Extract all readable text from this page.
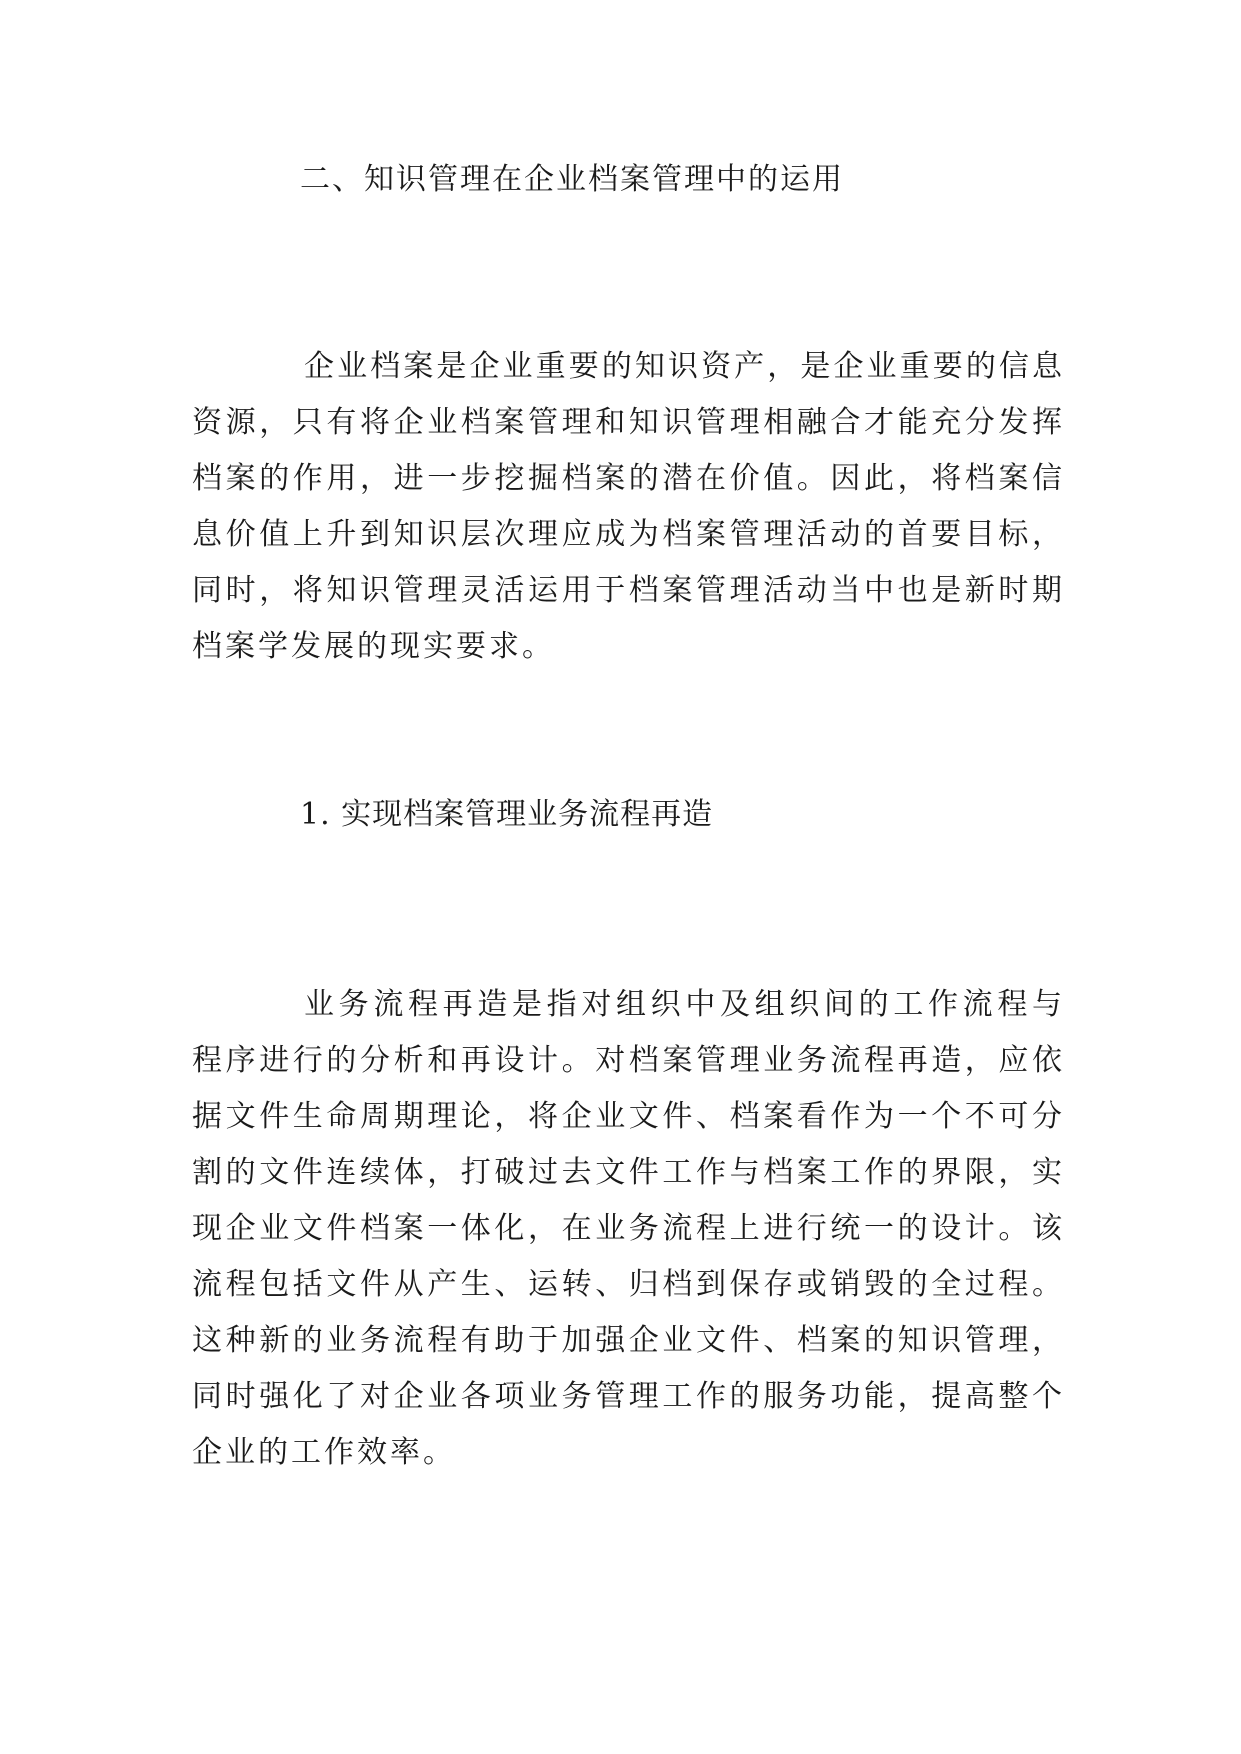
二、知识管理在企业档案管理中的运用
企业档案是企业重要的知识资产，是企业重要的信息
资源，只有将企业档案管理和知识管理相融合才能充分发挥
档案的作用，进一步挖掘档案的潜在价值。因此，将档案信
息价值上升到知识层次理应成为档案管理活动的首要目标，
同时，将知识管理灵活运用于档案管理活动当中也是新时期
档案学发展的现实要求。
1. 实现档案管理业务流程再造
业务流程再造是指对组织中及组织间的工作流程与
程序进行的分析和再设计。对档案管理业务流程再造，应依
据文件生命周期理论，将企业文件、档案看作为一个不可分
割的文件连续体，打破过去文件工作与档案工作的界限，实
现企业文件档案一体化，在业务流程上进行统一的设计。该
流程包括文件从产生、运转、归档到保存或销毁的全过程。
这种新的业务流程有助于加强企业文件、档案的知识管理，
同时强化了对企业各项业务管理工作的服务功能，提高整个
企业的工作效率。
